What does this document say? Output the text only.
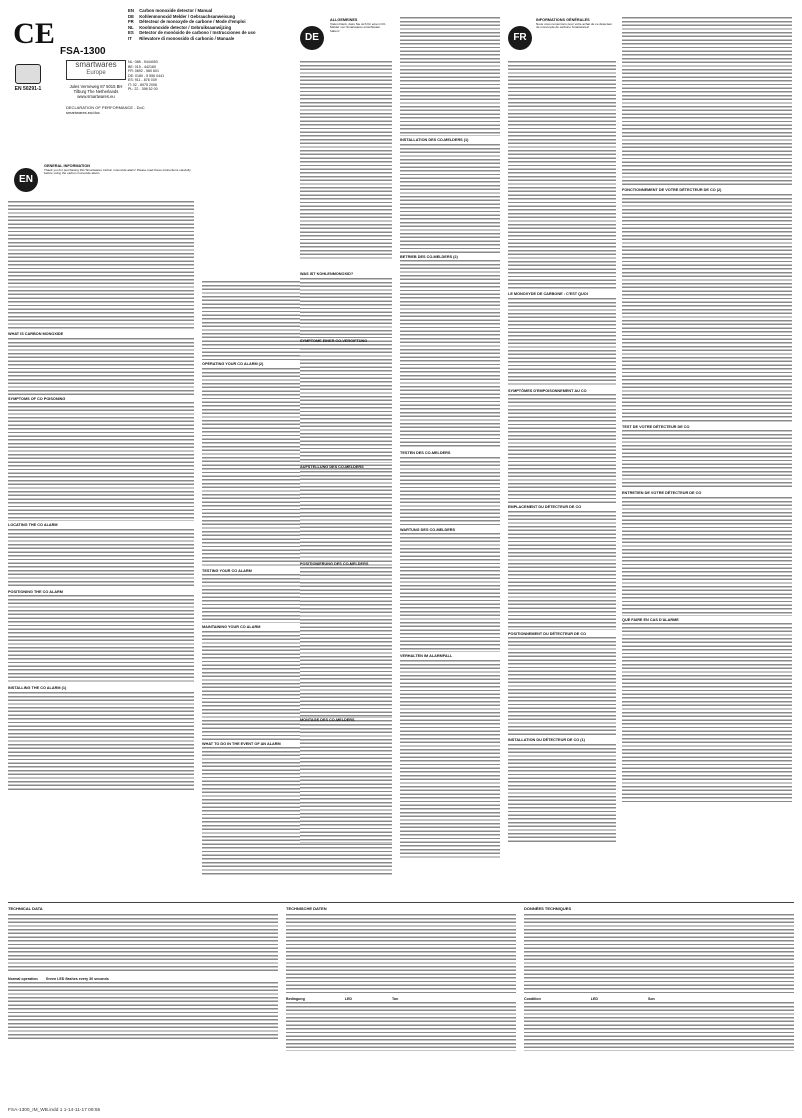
CE
FSA-1300
EN 50291-1
smartwares
Europe
Jules Verneweg 87 5015 BH Tilburg The Netherlands
www.smartwares.eu
NL: 088 - 9444053
BE: 015 - 442160
FR: 0892 - 560 601
DE: 0180 - 5 556 0441
ES: 911 - 876 039
IT: 02 - 8975 2006
PL: 22 - 398 52 00
DECLARATION OF PERFORMANCE - DoC
smartwares.eu/doc
EN Carbon monoxide detector / Manual
DE Kohlenmonoxid Melder / Gebrauchsanweisung
FR Détecteur de monoxyde de carbone / Mode d'emploi
NL Koolmonoxide detector / Gebruiksaanwijzing
ES Detector de monóxido de carbono / Instrucciones de uso
IT Rilevatore di monossido di carbonio / Manuale
EN
GENERAL INFORMATION
Thank you for purchasing this Smartwares carbon monoxide alarm! Please read these instructions carefully before using the carbon monoxide alarm.
WHAT IS CARBON MONOXIDE
SYMPTOMS OF CO POISONING
LOCATING THE CO ALARM
POSITIONING THE CO ALARM
INSTALLING THE CO ALARM (1)
OPERATING YOUR CO ALARM (2)
TESTING YOUR CO ALARM
MAINTAINING YOUR CO ALARM
WHAT TO DO IN THE EVENT OF AN ALARM
DE
ALLGEMEINES
Vielen Dank, dass Sie sich für einen CO-Melder von Smartwares entschieden haben!
WAS IST KOHLENMONOXID?
SYMPTOME EINER CO-VERGIFTUNG
AUFSTELLUNG DES CO-MELDERS
POSITIONIERUNG DES CO-MELDERS
MONTAGE DES CO-MELDERS
INSTALLATION DES CO-MELDERS (1)
BETRIEB DES CO-MELDERS (2)
TESTEN DES CO-MELDERS
WARTUNG DES CO-MELDERS
VERHALTEN IM ALARMFALL
FR
INFORMATIONS GÉNÉRALES
Nous vous remercions pour votre achat de ce détecteur de monoxyde de carbone Smartwares!
LE MONOXYDE DE CARBONE : C'EST QUOI
SYMPTÔMES D'EMPOISONNEMENT AU CO
EMPLACEMENT DU DÉTECTEUR DE CO
POSITIONNEMENT DU DÉTECTEUR DE CO
INSTALLATION DU DÉTECTEUR DE CO (1)
FONCTIONNEMENT DE VOTRE DÉTECTEUR DE CO (2)
TEST DE VOTRE DÉTECTEUR DE CO
ENTRETIEN DE VOTRE DÉTECTEUR DE CO
QUE FAIRE EN CAS D'ALARME
TECHNICAL DATA
Normal operation Green LED flashes every 30 seconds
TECHNISCHE DATEN
Bedingung	LED	Ton
DONNÉES TECHNIQUES
Condition	LED	Son
FSA-1300_IM_WB.indd 1 1-14-11-17 09:55
